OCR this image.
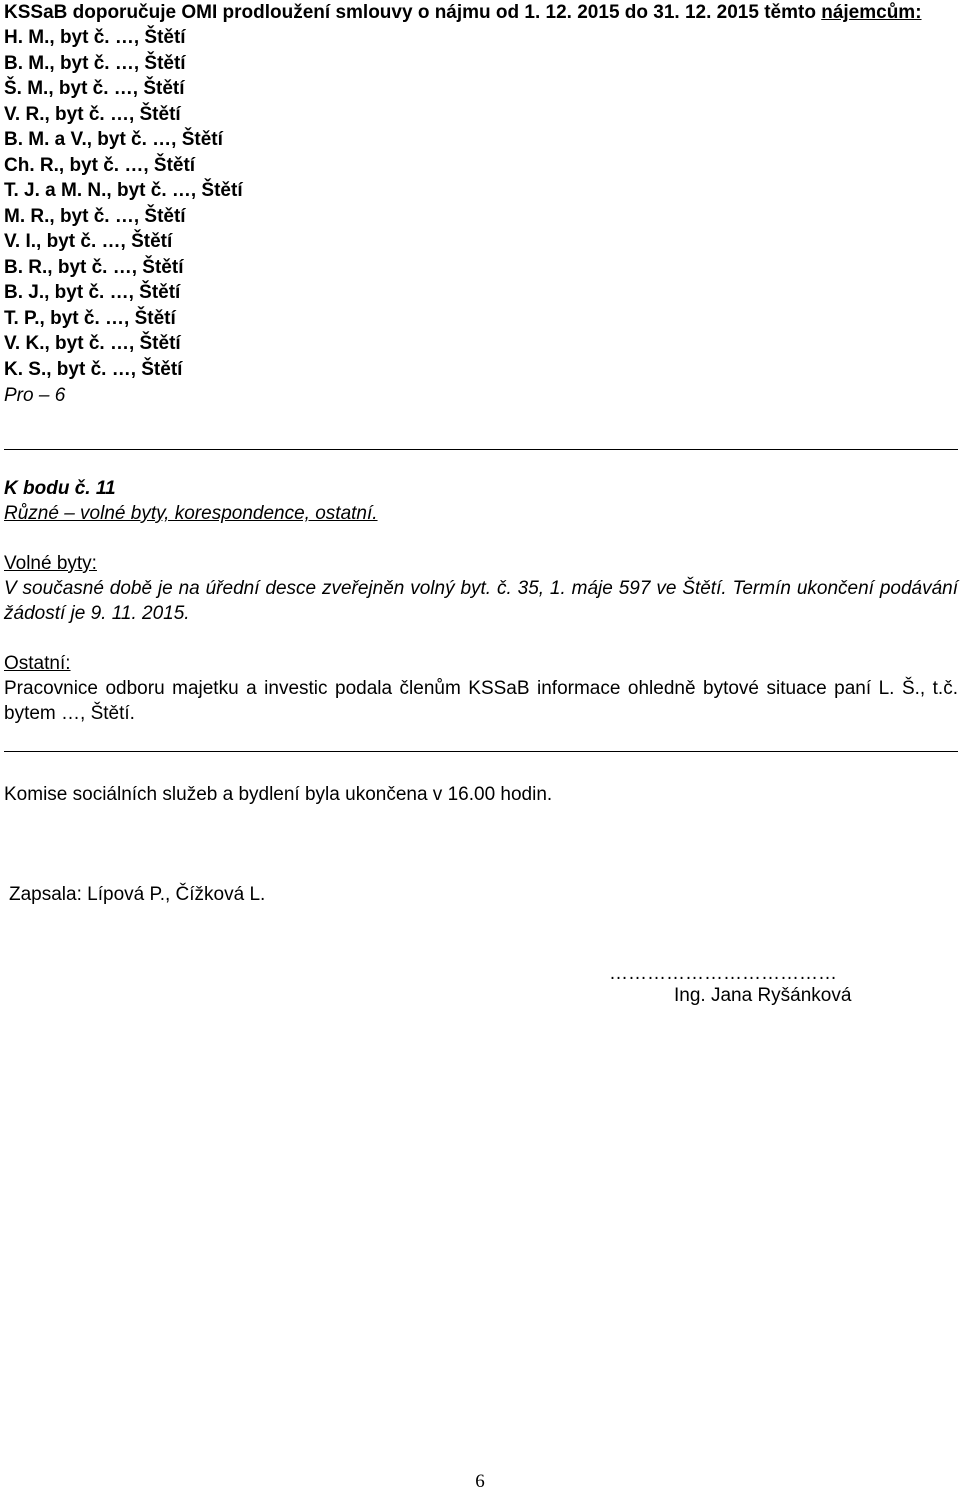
KSSaB doporučuje OMI prodloužení smlouvy o nájmu od 1. 12. 2015 do 31. 12. 2015 těmto nájemcům:

H. M., byt č. …, Štětí
B. M., byt č. …, Štětí
Š. M., byt č. …, Štětí
V. R., byt č. …, Štětí
B. M. a V., byt č. …, Štětí
Ch. R., byt č. …, Štětí
T. J. a M. N., byt č. …, Štětí
M. R., byt č. …, Štětí
V. I., byt č. …, Štětí
B. R., byt č. …, Štětí
B. J., byt č. …, Štětí
T. P., byt č. …, Štětí
V. K., byt č. …, Štětí
K. S., byt č. …, Štětí
Pro – 6
K bodu č. 11
Různé – volné byty, korespondence, ostatní.
Volné byty:
V současné době je na úřední desce zveřejněn volný byt. č. 35, 1. máje 597 ve Štětí. Termín ukončení podávání žádostí je 9. 11. 2015.
Ostatní:
Pracovnice odboru majetku a investic podala členům KSSaB informace ohledně bytové situace paní L. Š., t.č. bytem …, Štětí.
Komise sociálních služeb a bydlení byla ukončena v 16.00 hodin.
Zapsala: Lípová P., Čížková L.
………………………………
Ing. Jana Ryšánková
6
